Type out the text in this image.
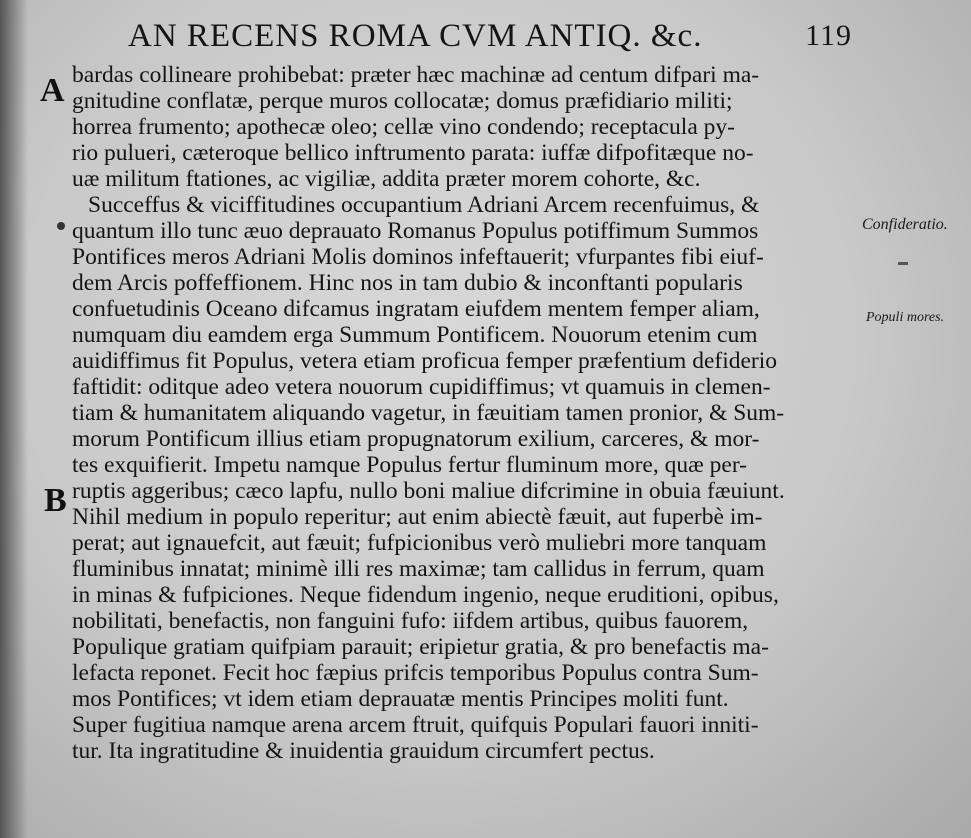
AN RECENS ROMA CVM ANTIQ. &c.	119
A
B
Confideratio.
Populi mores.
bardas collineare prohibebat: præter hæc machinæ ad centum difpari ma-
gnitudine conflatæ, perque muros collocatæ; domus præfidiario militi;
horrea frumento; apothecæ oleo; cellæ vino condendo; receptacula py-
rio pulueri, cæteroque bellico inftrumento parata: iuffæ difpofitæque no-
uæ militum ftationes, ac vigiliæ, addita præter morem cohorte, &c.
Succeffus & viciffitudines occupantium Adriani Arcem recenfuimus, &
quantum illo tunc æuo deprauato Romanus Populus potiffimum Summos
Pontifices meros Adriani Molis dominos infeftauerit; vfurpantes fibi eiuf-
dem Arcis poffeffionem. Hinc nos in tam dubio & inconftanti popularis
confuetudinis Oceano difcamus ingratam eiufdem mentem femper aliam,
numquam diu eamdem erga Summum Pontificem. Nouorum etenim cum
auidiffimus fit Populus, vetera etiam proficua femper præfentium defiderio
faftidit: oditque adeo vetera nouorum cupidiffimus; vt quamuis in clemen-
tiam & humanitatem aliquando vagetur, in fæuitiam tamen pronior, & Sum-
morum Pontificum illius etiam propugnatorum exilium, carceres, & mor-
tes exquifierit. Impetu namque Populus fertur fluminum more, quæ per-
ruptis aggeribus; cæco lapfu, nullo boni maliue difcrimine in obuia fæuiunt.
Nihil medium in populo reperitur; aut enim abiectè fæuit, aut fuperbè im-
perat; aut ignauefcit, aut fæuit; fufpicionibus verò muliebri more tanquam
fluminibus innatat; minimè illi res maximæ; tam callidus in ferrum, quam
in minas & fufpiciones. Neque fidendum ingenio, neque eruditioni, opibus,
nobilitati, benefactis, non fanguini fufo: iifdem artibus, quibus fauorem,
Populique gratiam quifpiam parauit; eripietur gratia, & pro benefactis ma-
lefacta reponet. Fecit hoc fæpius prifcis temporibus Populus contra Sum-
mos Pontifices; vt idem etiam deprauatæ mentis Principes moliti funt.
Super fugitiua namque arena arcem ftruit, quifquis Populari fauori inniti-
tur. Ita ingratitudine & inuidentia grauidum circumfert pectus.
